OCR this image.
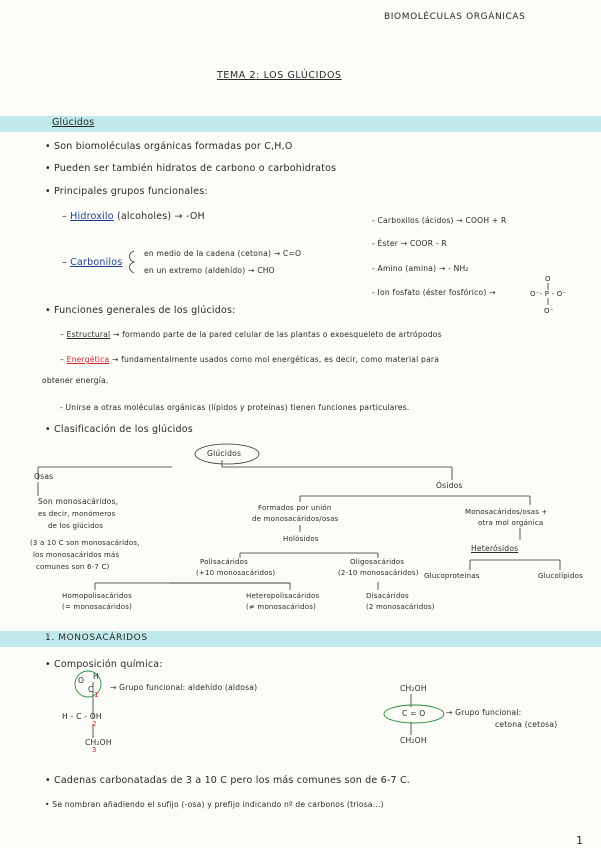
BIOMOLÉCULAS ORGÁNICAS
TEMA 2: LOS GLÚCIDOS
Glúcidos
• Son biomoléculas orgánicas formadas por C,H,O
• Pueden ser también hidratos de carbono o carbohidratos
• Principales grupos funcionales:
– Hidroxilo (alcoholes) → -OH
– Carbonilos
en medio de la cadena (cetona) → C=O
en un extremo (aldehído) → CHO
- Carboxilos (ácidos) → COOH + R
- Éster → COOR - R
- Amino (amina) → - NH₂
- Ion fosfato (éster fosfórico) →
O
O⁻- P - O⁻
O⁻
• Funciones generales de los glúcidos:
– Estructural → formando parte de la pared celular de las plantas o exoesqueleto de artrópodos
– Energética → fundamentalmente usados como mol energéticas, es decir, como material para
obtener energía.
- Unirse a otras moléculas orgánicas (lípidos y proteínas) tienen funciones particulares.
• Clasificación de los glúcidos
Glúcidos
Osas
Ósidos
Son monosacáridos,
es decir, monómeros
de los glúcidos
(3 a 10 C son monosacáridos,
los monosacáridos más
comunes son 6-7 C)
Formados por unión
de monosacáridos/osas
Monosacáridos/osas +
otra mol orgánica
Holósidos
Heterósidos
Polisacáridos
(+10 monosacáridos)
Oligosacáridos
(2-10 monosacáridos) Glucoproteínas	Glucolípidos
Homopolisacáridos
(= monosacáridos)
Heteropolisacáridos
(≠ monosacáridos)
Disacáridos
(2 monosacáridos)
1. MONOSACÁRIDOS
• Composición química:
O H
C
1
H - C - OH
2
CH₂OH
3
→ Grupo funcional: aldehído (aldosa)	CH₂OH
C = O
CH₂OH
→ Grupo funcional:
cetona (cetosa)
• Cadenas carbonatadas de 3 a 10 C pero los más comunes son de 6-7 C.
• Se nombran añadiendo el sufijo (-osa) y prefijo indicando nº de carbonos (triosa...)
1
